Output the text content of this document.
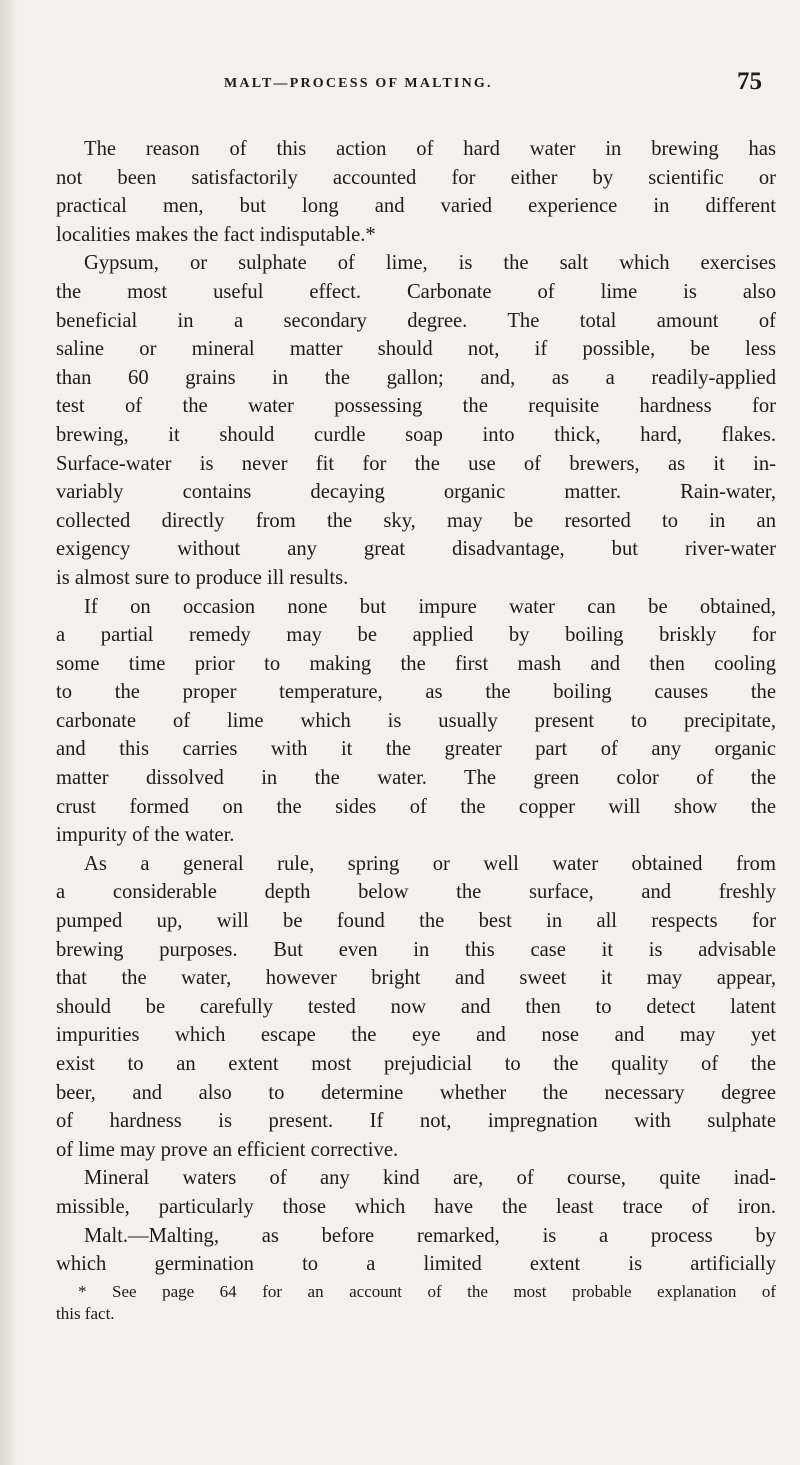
MALT—PROCESS OF MALTING.	75
The reason of this action of hard water in brewing has
not been satisfactorily accounted for either by scientific or
practical men, but long and varied experience in different
localities makes the fact indisputable.*
Gypsum, or sulphate of lime, is the salt which exercises
the most useful effect. Carbonate of lime is also
beneficial in a secondary degree. The total amount of
saline or mineral matter should not, if possible, be less
than 60 grains in the gallon; and, as a readily-applied
test of the water possessing the requisite hardness for
brewing, it should curdle soap into thick, hard, flakes.
Surface-water is never fit for the use of brewers, as it in-
variably contains decaying organic matter. Rain-water,
collected directly from the sky, may be resorted to in an
exigency without any great disadvantage, but river-water
is almost sure to produce ill results.
If on occasion none but impure water can be obtained,
a partial remedy may be applied by boiling briskly for
some time prior to making the first mash and then cooling
to the proper temperature, as the boiling causes the
carbonate of lime which is usually present to precipitate,
and this carries with it the greater part of any organic
matter dissolved in the water. The green color of the
crust formed on the sides of the copper will show the
impurity of the water.
As a general rule, spring or well water obtained from
a considerable depth below the surface, and freshly
pumped up, will be found the best in all respects for
brewing purposes. But even in this case it is advisable
that the water, however bright and sweet it may appear,
should be carefully tested now and then to detect latent
impurities which escape the eye and nose and may yet
exist to an extent most prejudicial to the quality of the
beer, and also to determine whether the necessary degree
of hardness is present. If not, impregnation with sulphate
of lime may prove an efficient corrective.
Mineral waters of any kind are, of course, quite inad-
missible, particularly those which have the least trace of iron.
Malt.—Malting, as before remarked, is a process by
which germination to a limited extent is artificially
* See page 64 for an account of the most probable explanation of
this fact.
